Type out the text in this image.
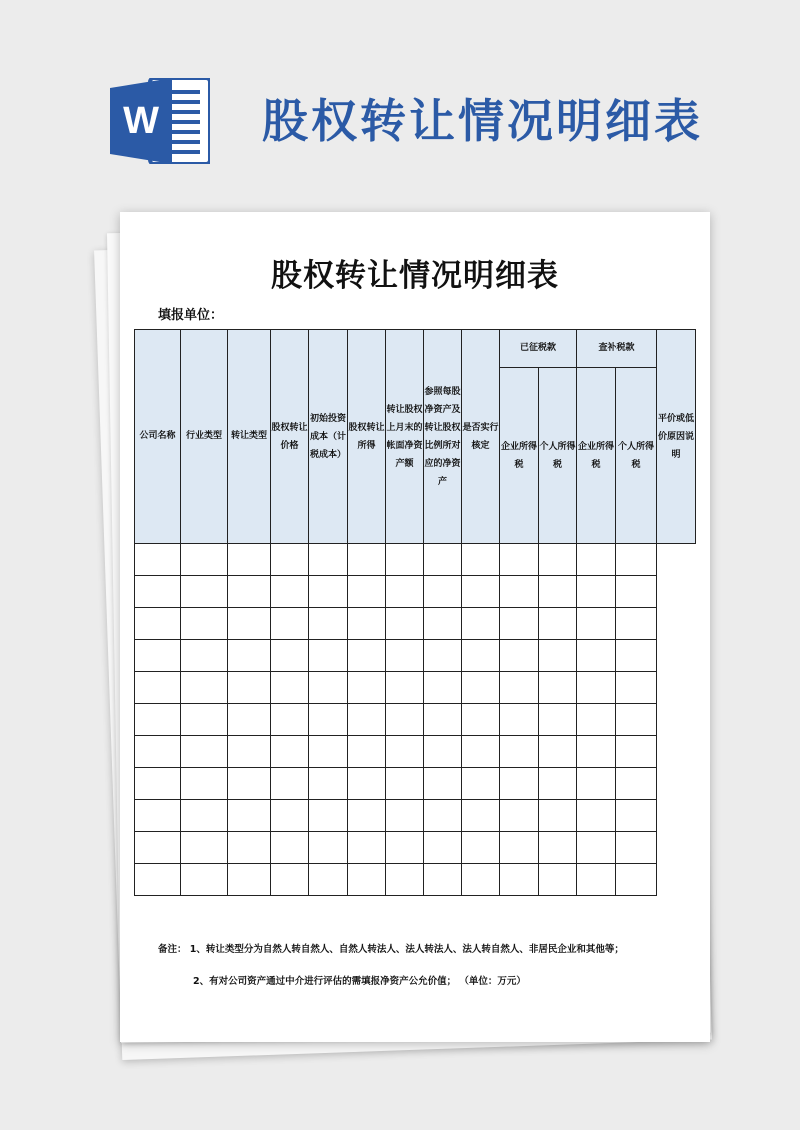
W 股权转让情况明细表
股权转让情况明细表
填报单位：
公司名称	行业类型	转让类型	股权转让价格	初始投资成本（计税成本）	股权转让所得	转让股权上月末的帐面净资产额	参照每股净资产及转让股权比例所对应的净资产	是否实行核定	已征税款		查补税款		平价或低价原因说明
									企业所得税	个人所得税	企业所得税	个人所得税	

备注： 1、转让类型分为自然人转自然人、自然人转法人、法人转法人、法人转自然人、非居民企业和其他等；
2、有对公司资产通过中介进行评估的需填报净资产公允价值； （单位：万元）
